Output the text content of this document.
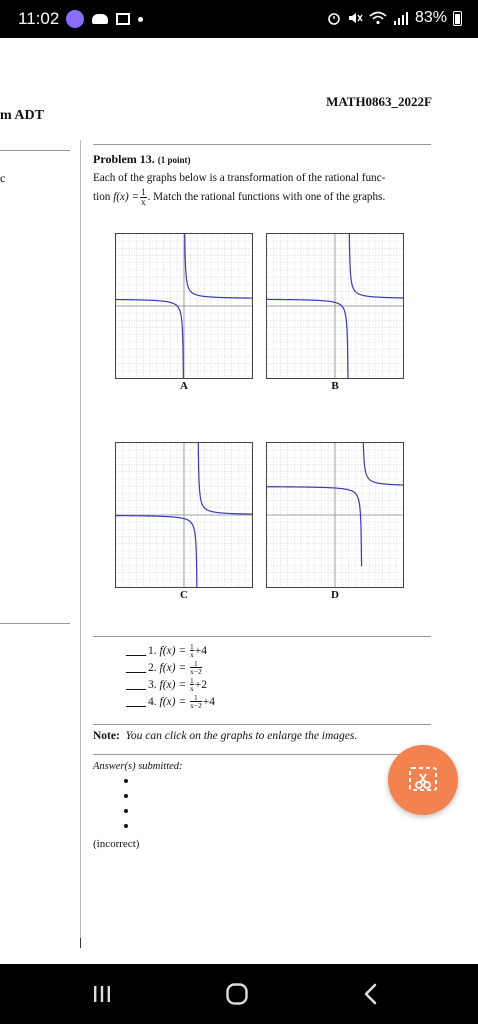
11:02	83%
MATH0863_2022F
m ADT
c
Problem 13. (1 point)
Each of the graphs below is a transformation of the rational func-
tion $f(x) = \frac{1}{x}$ . Match the rational functions with one of the graphs.
A	B
C	D
1.
f(x) =
$\frac{1}{x} +4$
2.
f(x) =
$\frac{1}{x-2}$
3.
f(x) =
$\frac{1}{x} +2$
4.
f(x) =
$\frac{1}{x-2} +4$
Note: You can click on the graphs to enlarge the images.
Answer(s) submitted:
(incorrect)
